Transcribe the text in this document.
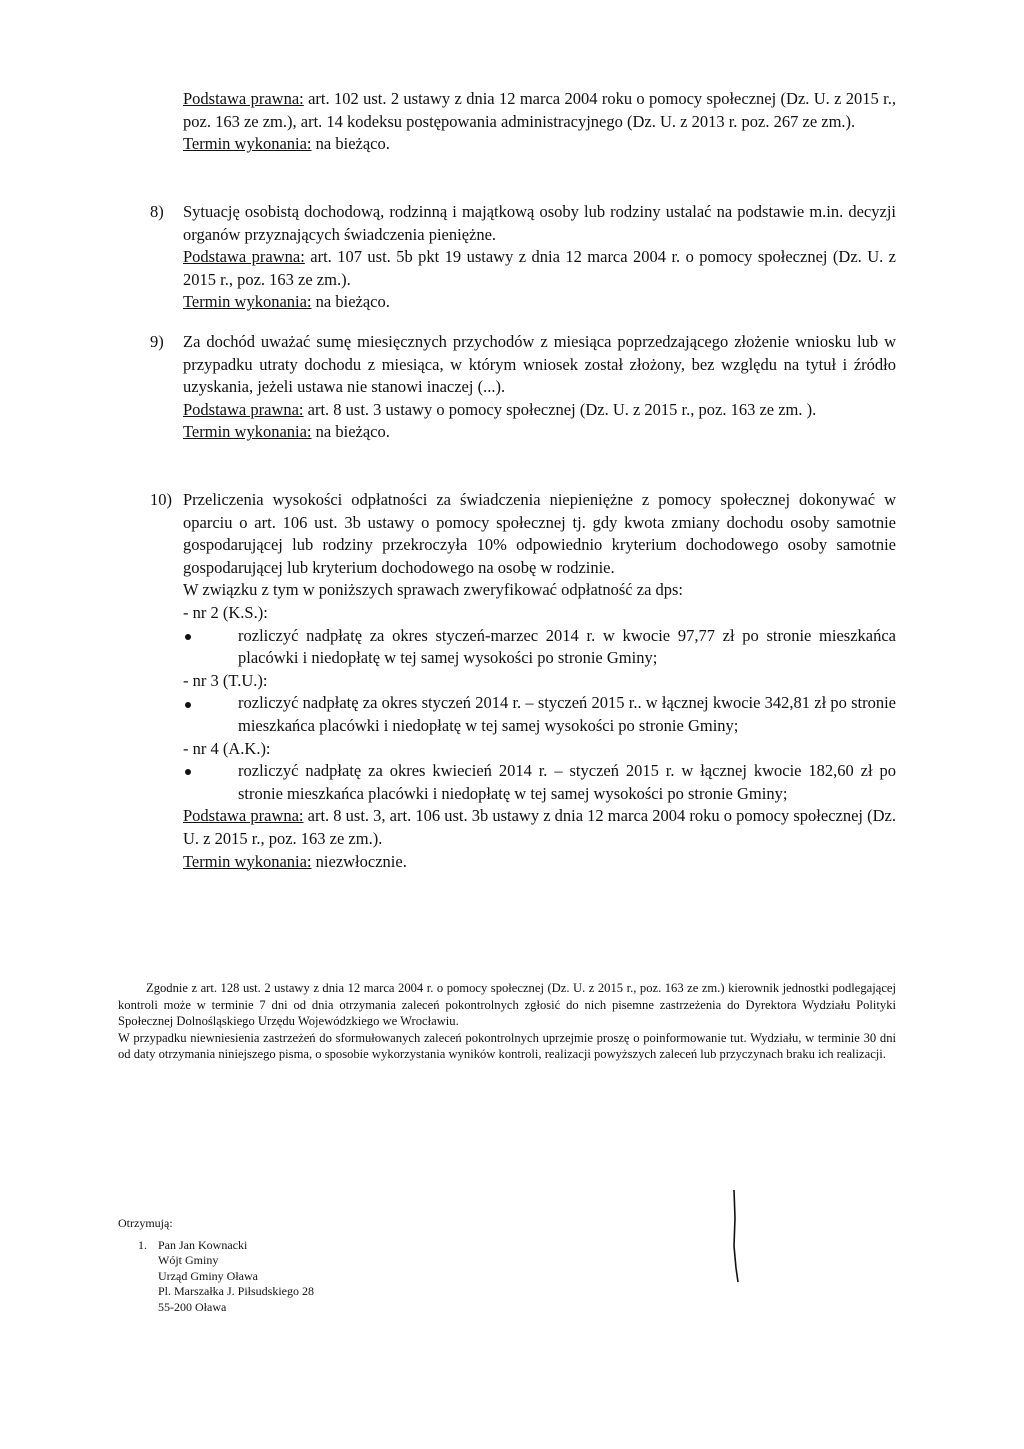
Podstawa prawna: art. 102 ust. 2 ustawy z dnia 12 marca 2004 roku o pomocy społecznej (Dz. U. z 2015 r., poz. 163 ze zm.), art. 14 kodeksu postępowania administracyjnego (Dz. U. z 2013 r. poz. 267 ze zm.).

Termin wykonania: na bieżąco.

8) Sytuację osobistą dochodową, rodzinną i majątkową osoby lub rodziny ustalać na podstawie m.in. decyzji organów przyznających świadczenia pieniężne.

Podstawa prawna: art. 107 ust. 5b pkt 19 ustawy z dnia 12 marca 2004 r. o pomocy społecznej (Dz. U. z 2015 r., poz. 163 ze zm.).

Termin wykonania: na bieżąco.

9) Za dochód uważać sumę miesięcznych przychodów z miesiąca poprzedzającego złożenie wniosku lub w przypadku utraty dochodu z miesiąca, w którym wniosek został złożony, bez względu na tytuł i źródło uzyskania, jeżeli ustawa nie stanowi inaczej (...).

Podstawa prawna: art. 8 ust. 3 ustawy o pomocy społecznej (Dz. U. z 2015 r., poz. 163 ze zm. ).

Termin wykonania: na bieżąco.

10) Przeliczenia wysokości odpłatności za świadczenia niepieniężne z pomocy społecznej dokonywać w oparciu o art. 106 ust. 3b ustawy o pomocy społecznej tj. gdy kwota zmiany dochodu osoby samotnie gospodarującej lub rodziny przekroczyła 10% odpowiednio kryterium dochodowego osoby samotnie gospodarującej lub kryterium dochodowego na osobę w rodzinie.

W związku z tym w poniższych sprawach zweryfikować odpłatność za dps:

- nr 2 (K.S.):

rozliczyć nadpłatę za okres styczeń-marzec 2014 r. w kwocie 97,77 zł po stronie mieszkańca placówki i niedopłatę w tej samej wysokości po stronie Gminy;

- nr 3 (T.U.):

rozliczyć nadpłatę za okres styczeń 2014 r. – styczeń 2015 r.. w łącznej kwocie 342,81 zł po stronie mieszkańca placówki i niedopłatę w tej samej wysokości po stronie Gminy;

- nr 4 (A.K.):

rozliczyć nadpłatę za okres kwiecień 2014 r. – styczeń 2015 r. w łącznej kwocie 182,60 zł po stronie mieszkańca placówki i niedopłatę w tej samej wysokości po stronie Gminy;

Podstawa prawna: art. 8 ust. 3, art. 106 ust. 3b ustawy z dnia 12 marca 2004 roku o pomocy społecznej (Dz. U. z 2015 r., poz. 163 ze zm.).

Termin wykonania: niezwłocznie.

Zgodnie z art. 128 ust. 2 ustawy z dnia 12 marca 2004 r. o pomocy społecznej (Dz. U. z 2015 r., poz. 163 ze zm.) kierownik jednostki podlegającej kontroli może w terminie 7 dni od dnia otrzymania zaleceń pokontrolnych zgłosić do nich pisemne zastrzeżenia do Dyrektora Wydziału Polityki Społecznej Dolnośląskiego Urzędu Wojewódzkiego we Wrocławiu.

W przypadku niewniesienia zastrzeżeń do sformułowanych zaleceń pokontrolnych uprzejmie proszę o poinformowanie tut. Wydziału, w terminie 30 dni od daty otrzymania niniejszego pisma, o sposobie wykorzystania wyników kontroli, realizacji powyższych zaleceń lub przyczynach braku ich realizacji.

Otrzymują:

1. Pan Jan Kownacki

Wójt Gminy

Urząd Gminy Oława

Pl. Marszałka J. Piłsudskiego 28

55-200 Oława
